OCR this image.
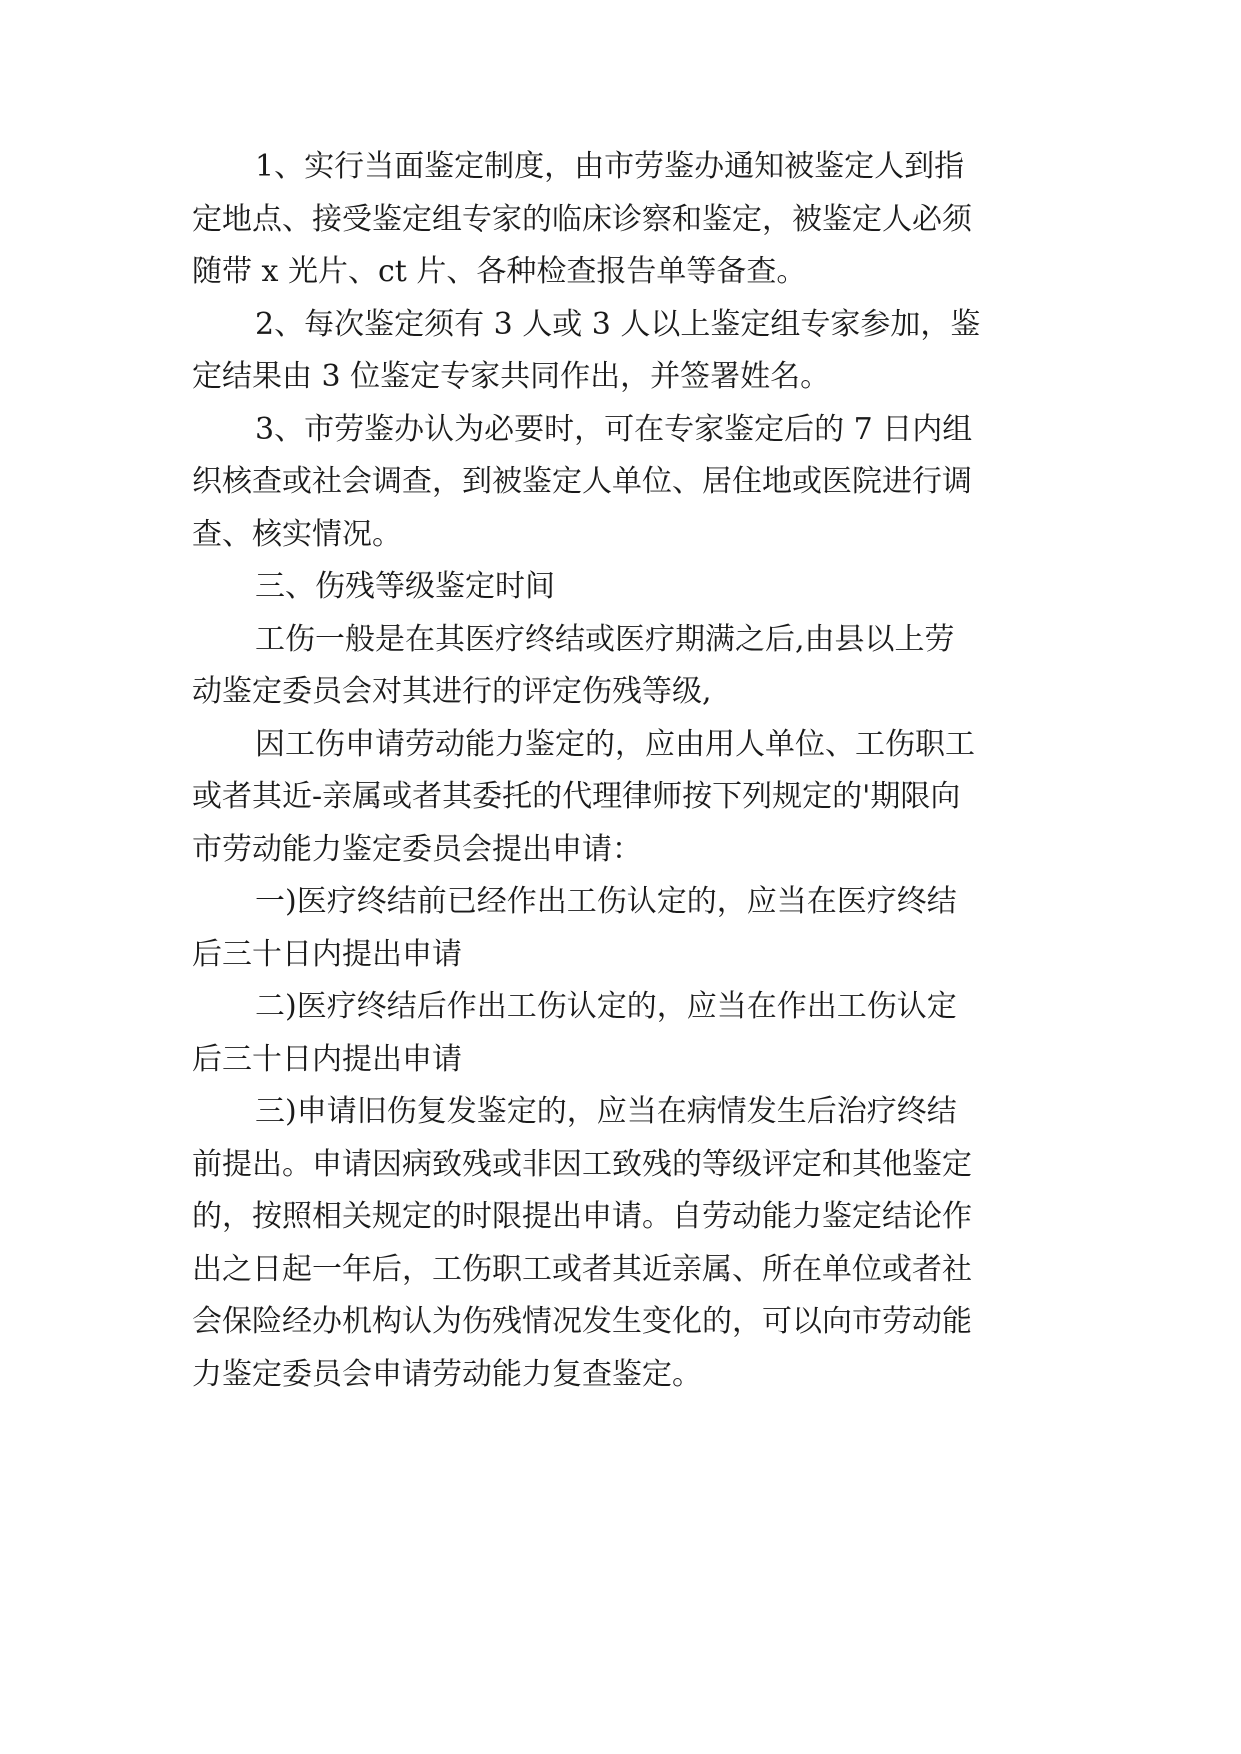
1、实行当面鉴定制度，由市劳鉴办通知被鉴定人到指
定地点、接受鉴定组专家的临床诊察和鉴定，被鉴定人必须
随带 x 光片、ct 片、各种检查报告单等备查。
2、每次鉴定须有 3 人或 3 人以上鉴定组专家参加，鉴
定结果由 3 位鉴定专家共同作出，并签署姓名。
3、市劳鉴办认为必要时，可在专家鉴定后的 7 日内组
织核查或社会调查，到被鉴定人单位、居住地或医院进行调
查、核实情况。
三、伤残等级鉴定时间
工伤一般是在其医疗终结或医疗期满之后,由县以上劳
动鉴定委员会对其进行的评定伤残等级,
因工伤申请劳动能力鉴定的，应由用人单位、工伤职工
或者其近-亲属或者其委托的代理律师按下列规定的'期限向
市劳动能力鉴定委员会提出申请：
一)医疗终结前已经作出工伤认定的，应当在医疗终结
后三十日内提出申请
二)医疗终结后作出工伤认定的，应当在作出工伤认定
后三十日内提出申请
三)申请旧伤复发鉴定的，应当在病情发生后治疗终结
前提出。申请因病致残或非因工致残的等级评定和其他鉴定
的，按照相关规定的时限提出申请。自劳动能力鉴定结论作
出之日起一年后，工伤职工或者其近亲属、所在单位或者社
会保险经办机构认为伤残情况发生变化的，可以向市劳动能
力鉴定委员会申请劳动能力复查鉴定。
